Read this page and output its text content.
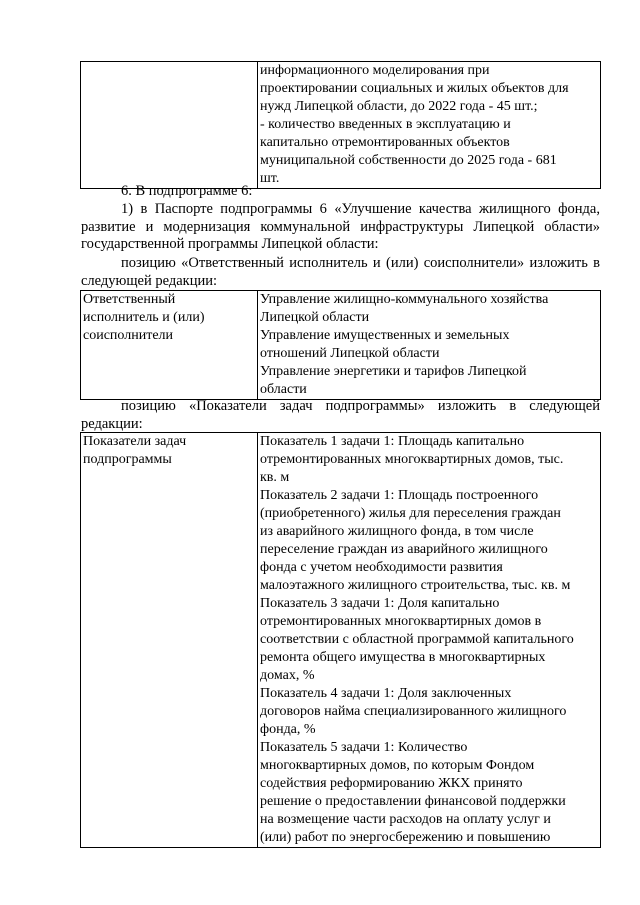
информационного моделирования при
проектировании социальных и жилых объектов для
нужд Липецкой области, до 2022 года - 45 шт.;
- количество введенных в эксплуатацию и
капитально отремонтированных объектов
муниципальной собственности до 2025 года - 681
шт.

6. В подпрограмме 6:

1) в Паспорте подпрограммы 6 «Улучшение качества жилищного фонда, развитие и модернизация коммунальной инфраструктуры Липецкой области» государственной программы Липецкой области:

позицию «Ответственный исполнитель и (или) соисполнители» изложить в следующей редакции:

Ответственный
исполнитель и (или)
соисполнители

Управление жилищно-коммунального хозяйства
Липецкой области
Управление имущественных и земельных
отношений Липецкой области
Управление энергетики и тарифов Липецкой
области

позицию «Показатели задач подпрограммы» изложить в следующей редакции:

Показатели задач
подпрограммы

Показатель 1 задачи 1: Площадь капитально
отремонтированных многоквартирных домов, тыс.
кв. м
Показатель 2 задачи 1: Площадь построенного
(приобретенного) жилья для переселения граждан
из аварийного жилищного фонда, в том числе
переселение граждан из аварийного жилищного
фонда с учетом необходимости развития
малоэтажного жилищного строительства, тыс. кв. м
Показатель 3 задачи 1: Доля капитально
отремонтированных многоквартирных домов в
соответствии с областной программой капитального
ремонта общего имущества в многоквартирных
домах, %
Показатель 4 задачи 1: Доля заключенных
договоров найма специализированного жилищного
фонда, %
Показатель 5 задачи 1: Количество
многоквартирных домов, по которым Фондом
содействия реформированию ЖКХ принято
решение о предоставлении финансовой поддержки
на возмещение части расходов на оплату услуг и
(или) работ по энергосбережению и повышению
